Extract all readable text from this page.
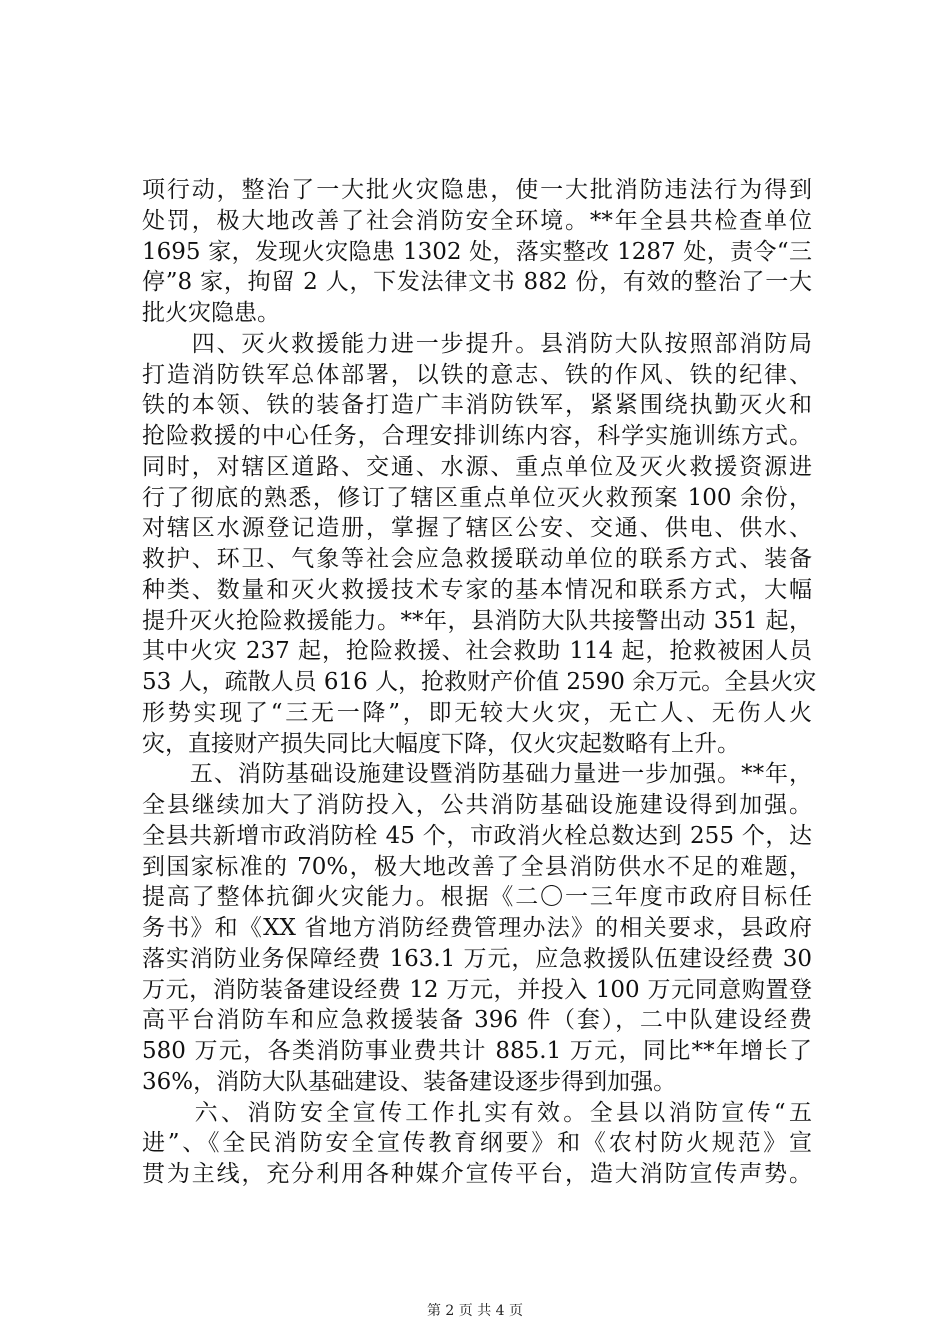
项行动，整治了一大批火灾隐患，使一大批消防违法行为得到
处罚，极大地改善了社会消防安全环境。**年全县共检查单位
1695 家，发现火灾隐患 1302 处，落实整改 1287 处，责令“三
停”8 家，拘留 2 人，下发法律文书 882 份，有效的整治了一大
批火灾隐患。
　　四、灭火救援能力进一步提升。县消防大队按照部消防局
打造消防铁军总体部署，以铁的意志、铁的作风、铁的纪律、
铁的本领、铁的装备打造广丰消防铁军，紧紧围绕执勤灭火和
抢险救援的中心任务，合理安排训练内容，科学实施训练方式。
同时，对辖区道路、交通、水源、重点单位及灭火救援资源进
行了彻底的熟悉，修订了辖区重点单位灭火救预案 100 余份，
对辖区水源登记造册，掌握了辖区公安、交通、供电、供水、
救护、环卫、气象等社会应急救援联动单位的联系方式、装备
种类、数量和灭火救援技术专家的基本情况和联系方式，大幅
提升灭火抢险救援能力。**年，县消防大队共接警出动 351 起，
其中火灾 237 起，抢险救援、社会救助 114 起，抢救被困人员
53 人，疏散人员 616 人，抢救财产价值 2590 余万元。全县火灾
形势实现了“三无一降”，即无较大火灾，无亡人、无伤人火
灾，直接财产损失同比大幅度下降，仅火灾起数略有上升。
　　五、消防基础设施建设暨消防基础力量进一步加强。**年，
全县继续加大了消防投入，公共消防基础设施建设得到加强。
全县共新增市政消防栓 45 个，市政消火栓总数达到 255 个，达
到国家标准的 70%，极大地改善了全县消防供水不足的难题，
提高了整体抗御火灾能力。根据《二〇一三年度市政府目标任
务书》和《XX 省地方消防经费管理办法》的相关要求，县政府
落实消防业务保障经费 163.1 万元，应急救援队伍建设经费 30
万元，消防装备建设经费 12 万元，并投入 100 万元同意购置登
高平台消防车和应急救援装备 396 件（套），二中队建设经费
580 万元，各类消防事业费共计 885.1 万元，同比**年增长了
36%，消防大队基础建设、装备建设逐步得到加强。
　　六、消防安全宣传工作扎实有效。全县以消防宣传“五
进”、《全民消防安全宣传教育纲要》和《农村防火规范》宣
贯为主线，充分利用各种媒介宣传平台，造大消防宣传声势。
第 2 页 共 4 页
